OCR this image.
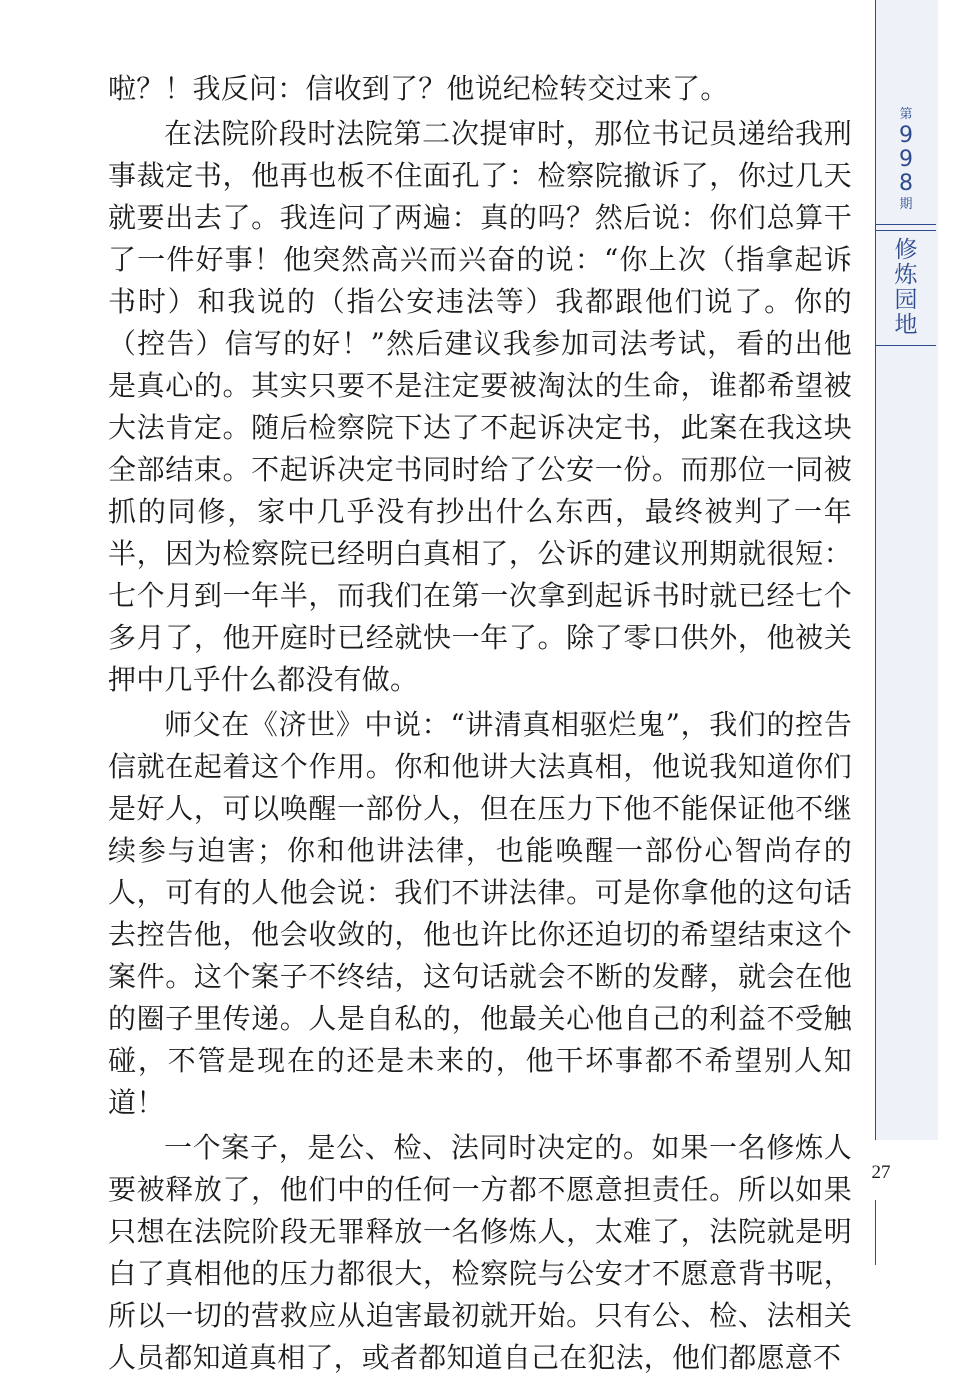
啦？！我反问：信收到了？他说纪检转交过来了。

在法院阶段时法院第二次提审时，那位书记员递给我刑事裁定书，他再也板不住面孔了：检察院撤诉了，你过几天就要出去了。我连问了两遍：真的吗？然后说：你们总算干了一件好事！他突然高兴而兴奋的说：“你上次（指拿起诉书时）和我说的（指公安违法等）我都跟他们说了。你的（控告）信写的好！”然后建议我参加司法考试，看的出他是真心的。其实只要不是注定要被淘汰的生命，谁都希望被大法肯定。随后检察院下达了不起诉决定书，此案在我这块全部结束。不起诉决定书同时给了公安一份。而那位一同被抓的同修，家中几乎没有抄出什么东西，最终被判了一年半，因为检察院已经明白真相了，公诉的建议刑期就很短：七个月到一年半，而我们在第一次拿到起诉书时就已经七个多月了，他开庭时已经就快一年了。除了零口供外，他被关押中几乎什么都没有做。

师父在《济世》中说：“讲清真相驱烂鬼”，我们的控告信就在起着这个作用。你和他讲大法真相，他说我知道你们是好人，可以唤醒一部份人，但在压力下他不能保证他不继续参与迫害；你和他讲法律，也能唤醒一部份心智尚存的人，可有的人他会说：我们不讲法律。可是你拿他的这句话去控告他，他会收敛的，他也许比你还迫切的希望结束这个案件。这个案子不终结，这句话就会不断的发酵，就会在他的圈子里传递。人是自私的，他最关心他自己的利益不受触碰，不管是现在的还是未来的，他干坏事都不希望别人知道！

一个案子，是公、检、法同时决定的。如果一名修炼人要被释放了，他们中的任何一方都不愿意担责任。所以如果只想在法院阶段无罪释放一名修炼人，太难了，法院就是明白了真相他的压力都很大，检察院与公安才不愿意背书呢，所以一切的营救应从迫害最初就开始。只有公、检、法相关人员都知道真相了，或者都知道自己在犯法，他们都愿意不

第
998
期
修炼园地
27
